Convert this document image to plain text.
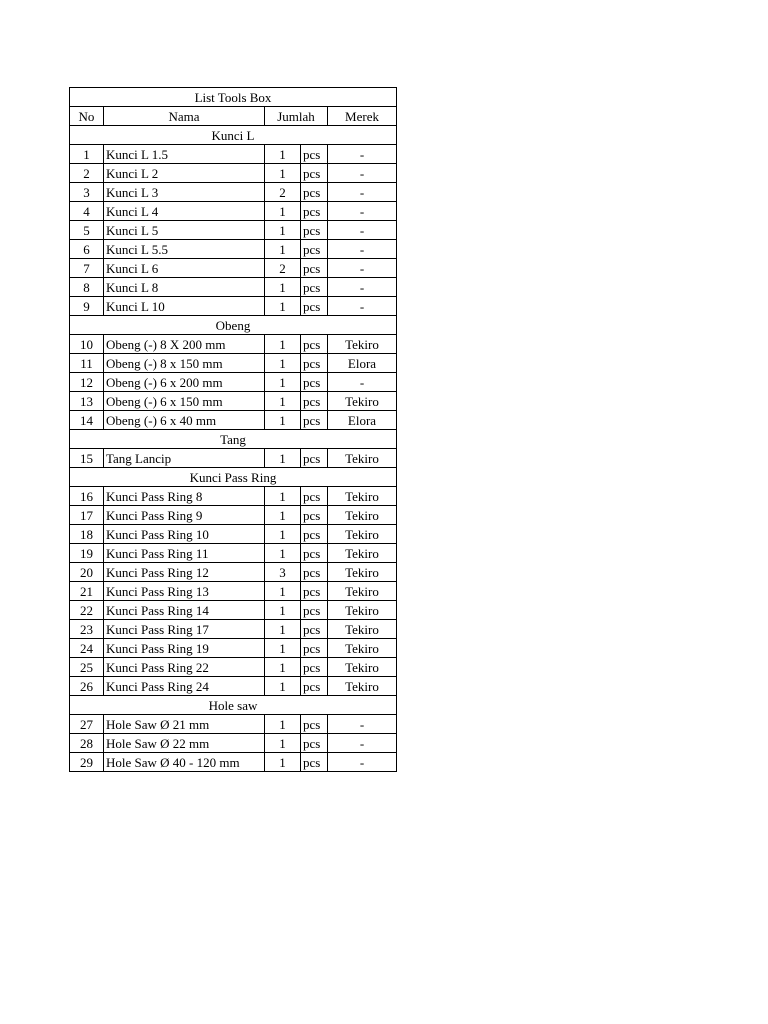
List Tools Box				
No	Nama	Jumlah		Merek
Kunci L				
1	Kunci L 1.5	1	pcs	-
2	Kunci L 2	1	pcs	-
3	Kunci L 3	2	pcs	-
4	Kunci L 4	1	pcs	-
5	Kunci L 5	1	pcs	-
6	Kunci L 5.5	1	pcs	-
7	Kunci L 6	2	pcs	-
8	Kunci L 8	1	pcs	-
9	Kunci L 10	1	pcs	-
Obeng				
10	Obeng (-) 8 X 200 mm	1	pcs	Tekiro
11	Obeng (-) 8 x 150 mm	1	pcs	Elora
12	Obeng (-) 6 x 200 mm	1	pcs	-
13	Obeng (-) 6 x 150 mm	1	pcs	Tekiro
14	Obeng (-) 6 x 40 mm	1	pcs	Elora
Tang				
15	Tang Lancip	1	pcs	Tekiro
Kunci Pass Ring				
16	Kunci Pass Ring 8	1	pcs	Tekiro
17	Kunci Pass Ring 9	1	pcs	Tekiro
18	Kunci Pass Ring 10	1	pcs	Tekiro
19	Kunci Pass Ring 11	1	pcs	Tekiro
20	Kunci Pass Ring 12	3	pcs	Tekiro
21	Kunci Pass Ring 13	1	pcs	Tekiro
22	Kunci Pass Ring 14	1	pcs	Tekiro
23	Kunci Pass Ring 17	1	pcs	Tekiro
24	Kunci Pass Ring 19	1	pcs	Tekiro
25	Kunci Pass Ring 22	1	pcs	Tekiro
26	Kunci Pass Ring 24	1	pcs	Tekiro
Hole saw				
27	Hole Saw Ø 21 mm	1	pcs	-
28	Hole Saw Ø 22 mm	1	pcs	-
29	Hole Saw Ø 40 - 120 mm	1	pcs	-
